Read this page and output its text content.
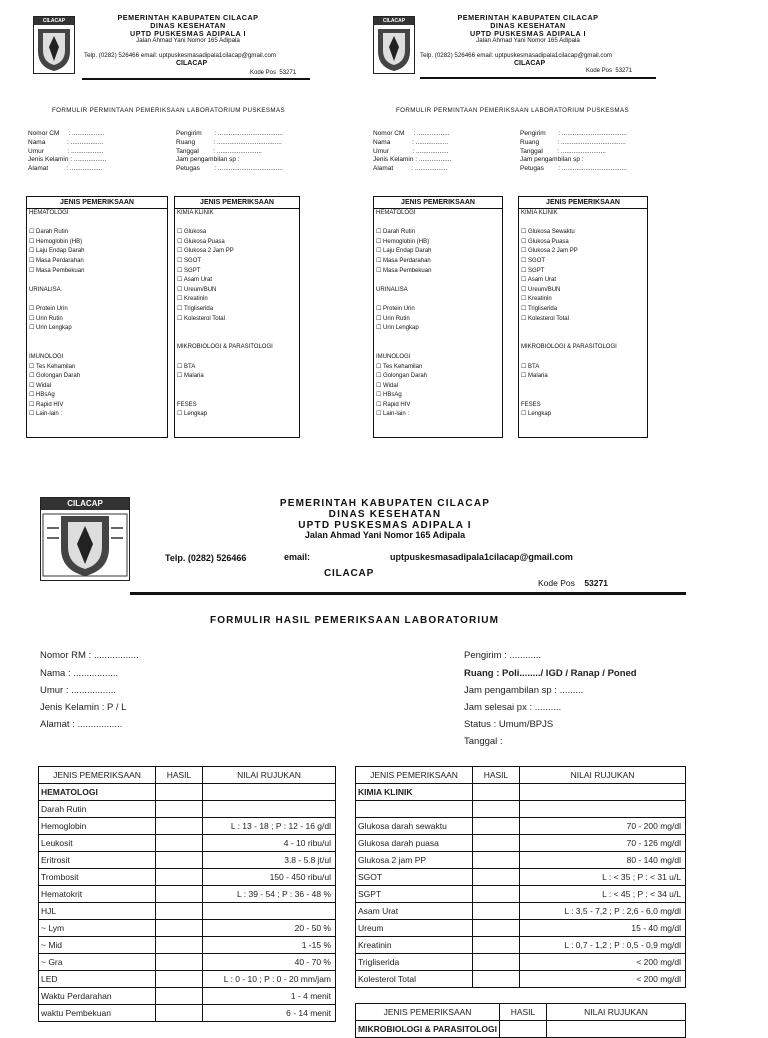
CILACAP	PEMERINTAH KABUPATEN CILACAP
DINAS KESEHATAN
UPTD PUSKESMAS ADIPALA I
Jalan Ahmad Yani Nomor 165 Adipala
Telp. (0282) 526466 email: uptpuskesmasadipala1cilacap@gmail.com
CILACAP
Kode Pos 53271
FORMULIR PERMINTAAN PEMERIKSAAN LABORATORIUM PUSKESMAS
Nomor CM     : ..................
Nama            : ..................
Umur             : ..................
Jenis Kelamin : ..................
Alamat          : ..................
Pengirim       : ....................................
Ruang          : ....................................
Tanggal        : .........................
Jam pengambilan sp :
Petugas        : ....................................
JENIS PEMERIKSAAN
HEMATOLOGI

☐ Darah Rutin
☐ Hemoglobin (HB)
☐ Laju Endap Darah
☐ Masa Perdarahan
☐ Masa Pembekuan

URINALISA

☐ Protein Urin
☐ Urin Rutin
☐ Urin Lengkap

IMUNOLOGI
☐ Tes Kehamilan
☐ Golongan Darah
☐ Widal
☐ HBsAg
☐ Rapid HIV
☐ Lain-lain :
JENIS PEMERIKSAAN
KIMIA KLINIK

☐ Glukosa
☐ Glukosa Puasa
☐ Glukosa 2 Jam PP
☐ SGOT
☐ SGPT
☐ Asam Urat
☐ Ureum/BUN
☐ Kreatinin
☐ Trigliserida
☐ Kolesterol Total

MIKROBIOLOGI & PARASITOLOGI

☐ BTA
☐ Malaria

FESES
☐ Lengkap
CILACAP	PEMERINTAH KABUPATEN CILACAP
DINAS KESEHATAN
UPTD PUSKESMAS ADIPALA I
Jalan Ahmad Yani Nomor 165 Adipala
Telp. (0282) 526466 email: uptpuskesmasadipala1cilacap@gmail.com
CILACAP
Kode Pos 53271
FORMULIR PERMINTAAN PEMERIKSAAN LABORATORIUM PUSKESMAS
Nomor CM     : ..................
Nama            : ..................
Umur             : ..................
Jenis Kelamin : ..................
Alamat          : ..................
Pengirim       : ....................................
Ruang          : ....................................
Tanggal        : .........................
Jam pengambilan sp :
Petugas        : ....................................
JENIS PEMERIKSAAN
HEMATOLOGI

☐ Darah Rutin
☐ Hemoglobin (HB)
☐ Laju Endap Darah
☐ Masa Perdarahan
☐ Masa Pembekuan

URINALISA

☐ Protein Urin
☐ Urin Rutin
☐ Urin Lengkap

IMUNOLOGI
☐ Tes Kehamilan
☐ Golongan Darah
☐ Widal
☐ HBsAg
☐ Rapid HIV
☐ Lain-lain :
JENIS PEMERIKSAAN
KIMIA KLINIK

☐ Glukosa Sewaktu
☐ Glukosa Puasa
☐ Glukosa 2 Jam PP
☐ SGOT
☐ SGPT
☐ Asam Urat
☐ Ureum/BUN
☐ Kreatinin
☐ Trigliserida
☐ Kolesterol Total

MIKROBIOLOGI & PARASITOLOGI

☐ BTA
☐ Malaria

FESES
☐ Lengkap
CILACAP	PEMERINTAH KABUPATEN CILACAP
DINAS KESEHATAN
UPTD PUSKESMAS ADIPALA I
Jalan Ahmad Yani Nomor 165 Adipala
Telp. (0282) 526466	email:	uptpuskesmasadipala1cilacap@gmail.com
CILACAP
Kode Pos 53271
FORMULIR HASIL PEMERIKSAAN LABORATORIUM
Nomor RM : .................
Nama : .................
Umur : .................
Jenis Kelamin : P / L
Alamat : .................
Pengirim : ............
Ruang : Poli......../ IGD / Ranap / Poned
Jam pengambilan sp : .........
Jam selesai px : ..........
Status : Umum/BPJS
Tanggal :
JENIS PEMERIKSAAN	HASIL	NILAI RUJUKAN
HEMATOLOGI		
Darah Rutin		
Hemoglobin		L : 13 - 18 ; P : 12 - 16 g/dl
Leukosit		4 - 10 ribu/ul
Eritrosit		3.8 - 5.8 jt/ul
Trombosit		150 - 450 ribu/ul
Hematokrit		L : 39 - 54 ; P : 36 - 48 %
HJL		
~ Lym		20 - 50 %
~ Mid		1 -15 %
~ Gra		40 - 70 %
LED		L : 0 - 10 ; P : 0 - 20 mm/jam
Waktu Perdarahan		1 - 4 menit
waktu Pembekuan		6 - 14 menit
JENIS PEMERIKSAAN	HASIL	NILAI RUJUKAN
KIMIA KLINIK		

Glukosa darah sewaktu		70 - 200 mg/dl
Glukosa darah puasa		70 - 126 mg/dl
Glukosa 2 jam PP		80 - 140 mg/dl
SGOT		L : < 35 ; P : < 31 u/L
SGPT		L : < 45 ; P : < 34 u/L
Asam Urat		L : 3,5 - 7,2 ; P : 2,6 - 6,0 mg/dl
Ureum		15 - 40 mg/dl
Kreatinin		L : 0,7 - 1,2 ; P : 0,5 - 0,9 mg/dl
Trigliserida		< 200 mg/dl
Kolesterol Total		< 200 mg/dl
JENIS PEMERIKSAAN	HASIL	NILAI RUJUKAN
MIKROBIOLOGI & PARASITOLOGI		
